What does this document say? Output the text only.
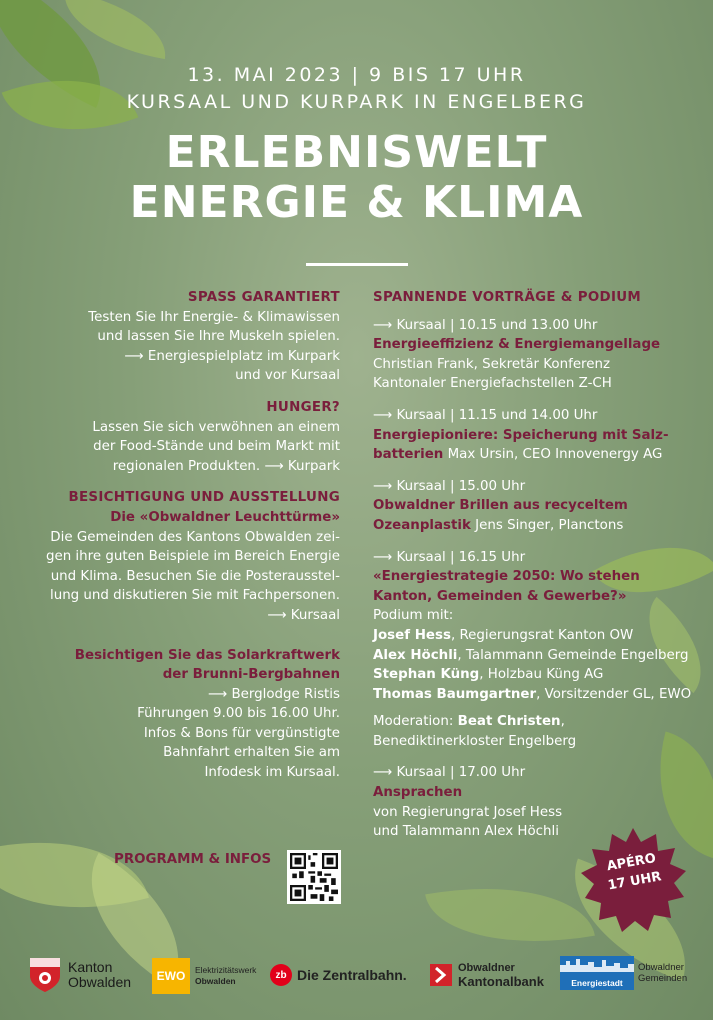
13. MAI 2023 | 9 BIS 17 UHR
KURSAAL UND KURPARK IN ENGELBERG
ERLEBNISWELT
ENERGIE & KLIMA
SPASS GARANTIERT
Testen Sie Ihr Energie- & Klimawissen
und lassen Sie Ihre Muskeln spielen.
⟶ Energiespielplatz im Kurpark
und vor Kursaal
HUNGER?
Lassen Sie sich verwöhnen an einem
der Food-Stände und beim Markt mit
regionalen Produkten. ⟶ Kurpark
BESICHTIGUNG UND AUSSTELLUNG
Die «Obwaldner Leuchttürme»
Die Gemeinden des Kantons Obwalden zei-
gen ihre guten Beispiele im Bereich Energie
und Klima. Besuchen Sie die Posterausstel-
lung und diskutieren Sie mit Fachpersonen.
⟶ Kursaal
Besichtigen Sie das Solarkraftwerk
der Brunni-Bergbahnen
⟶ Berglodge Ristis
Führungen 9.00 bis 16.00 Uhr.
Infos & Bons für vergünstigte
Bahnfahrt erhalten Sie am
Infodesk im Kursaal.
PROGRAMM & INFOS
SPANNENDE VORTRÄGE & PODIUM
⟶ Kursaal | 10.15 und 13.00 Uhr
Energieeffizienz & Energiemangellage
Christian Frank, Sekretär Konferenz
Kantonaler Energiefachstellen Z-CH
⟶ Kursaal | 11.15 und 14.00 Uhr
Energiepioniere: Speicherung mit Salz-
batterien Max Ursin, CEO Innovenergy AG
⟶ Kursaal | 15.00 Uhr
Obwaldner Brillen aus recyceltem
Ozeanplastik Jens Singer, Planctons
⟶ Kursaal | 16.15 Uhr
«Energiestrategie 2050: Wo stehen
Kanton, Gemeinden & Gewerbe?»
Podium mit:
Josef Hess, Regierungsrat Kanton OW
Alex Höchli, Talammann Gemeinde Engelberg
Stephan Küng, Holzbau Küng AG
Thomas Baumgartner, Vorsitzender GL, EWO
Moderation: Beat Christen,
Benediktinerkloster Engelberg
⟶ Kursaal | 17.00 Uhr
Ansprachen
von Regierungrat Josef Hess
und Talammann Alex Höchli
APÉRO
17 UHR
Kanton
Obwalden	EWO	Elektrizitätswerk
Obwalden
zb Die Zentralbahn.	Obwaldner
Kantonalbank	Energiestadt
Obwaldner
Gemeinden
